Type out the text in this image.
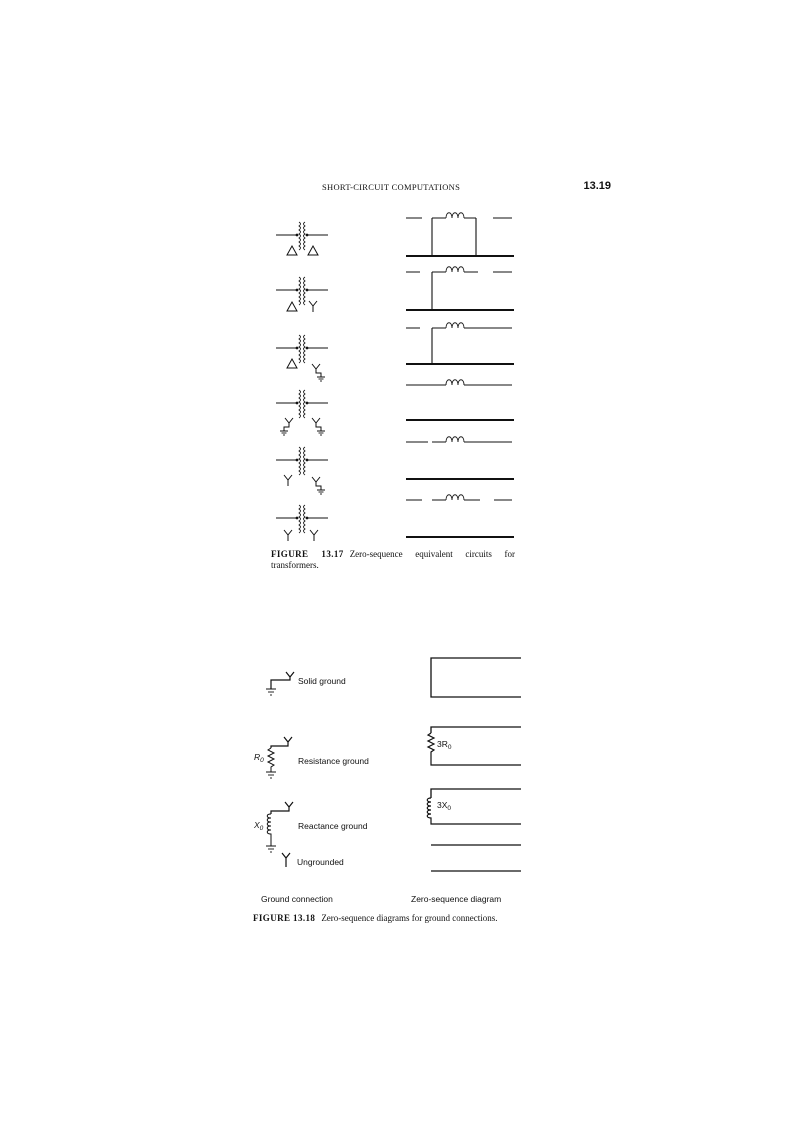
SHORT-CIRCUIT COMPUTATIONS	13.19
Solid ground
$R_0$	Resistance ground
$3R_0$
$X_0$	Reactance ground
$3X_0$
Ungrounded
Ground connection	Zero-sequence diagram
FIGURE 13.17 Zero-sequence equivalent circuits for transformers.
FIGURE 13.18 Zero-sequence diagrams for ground connections.
